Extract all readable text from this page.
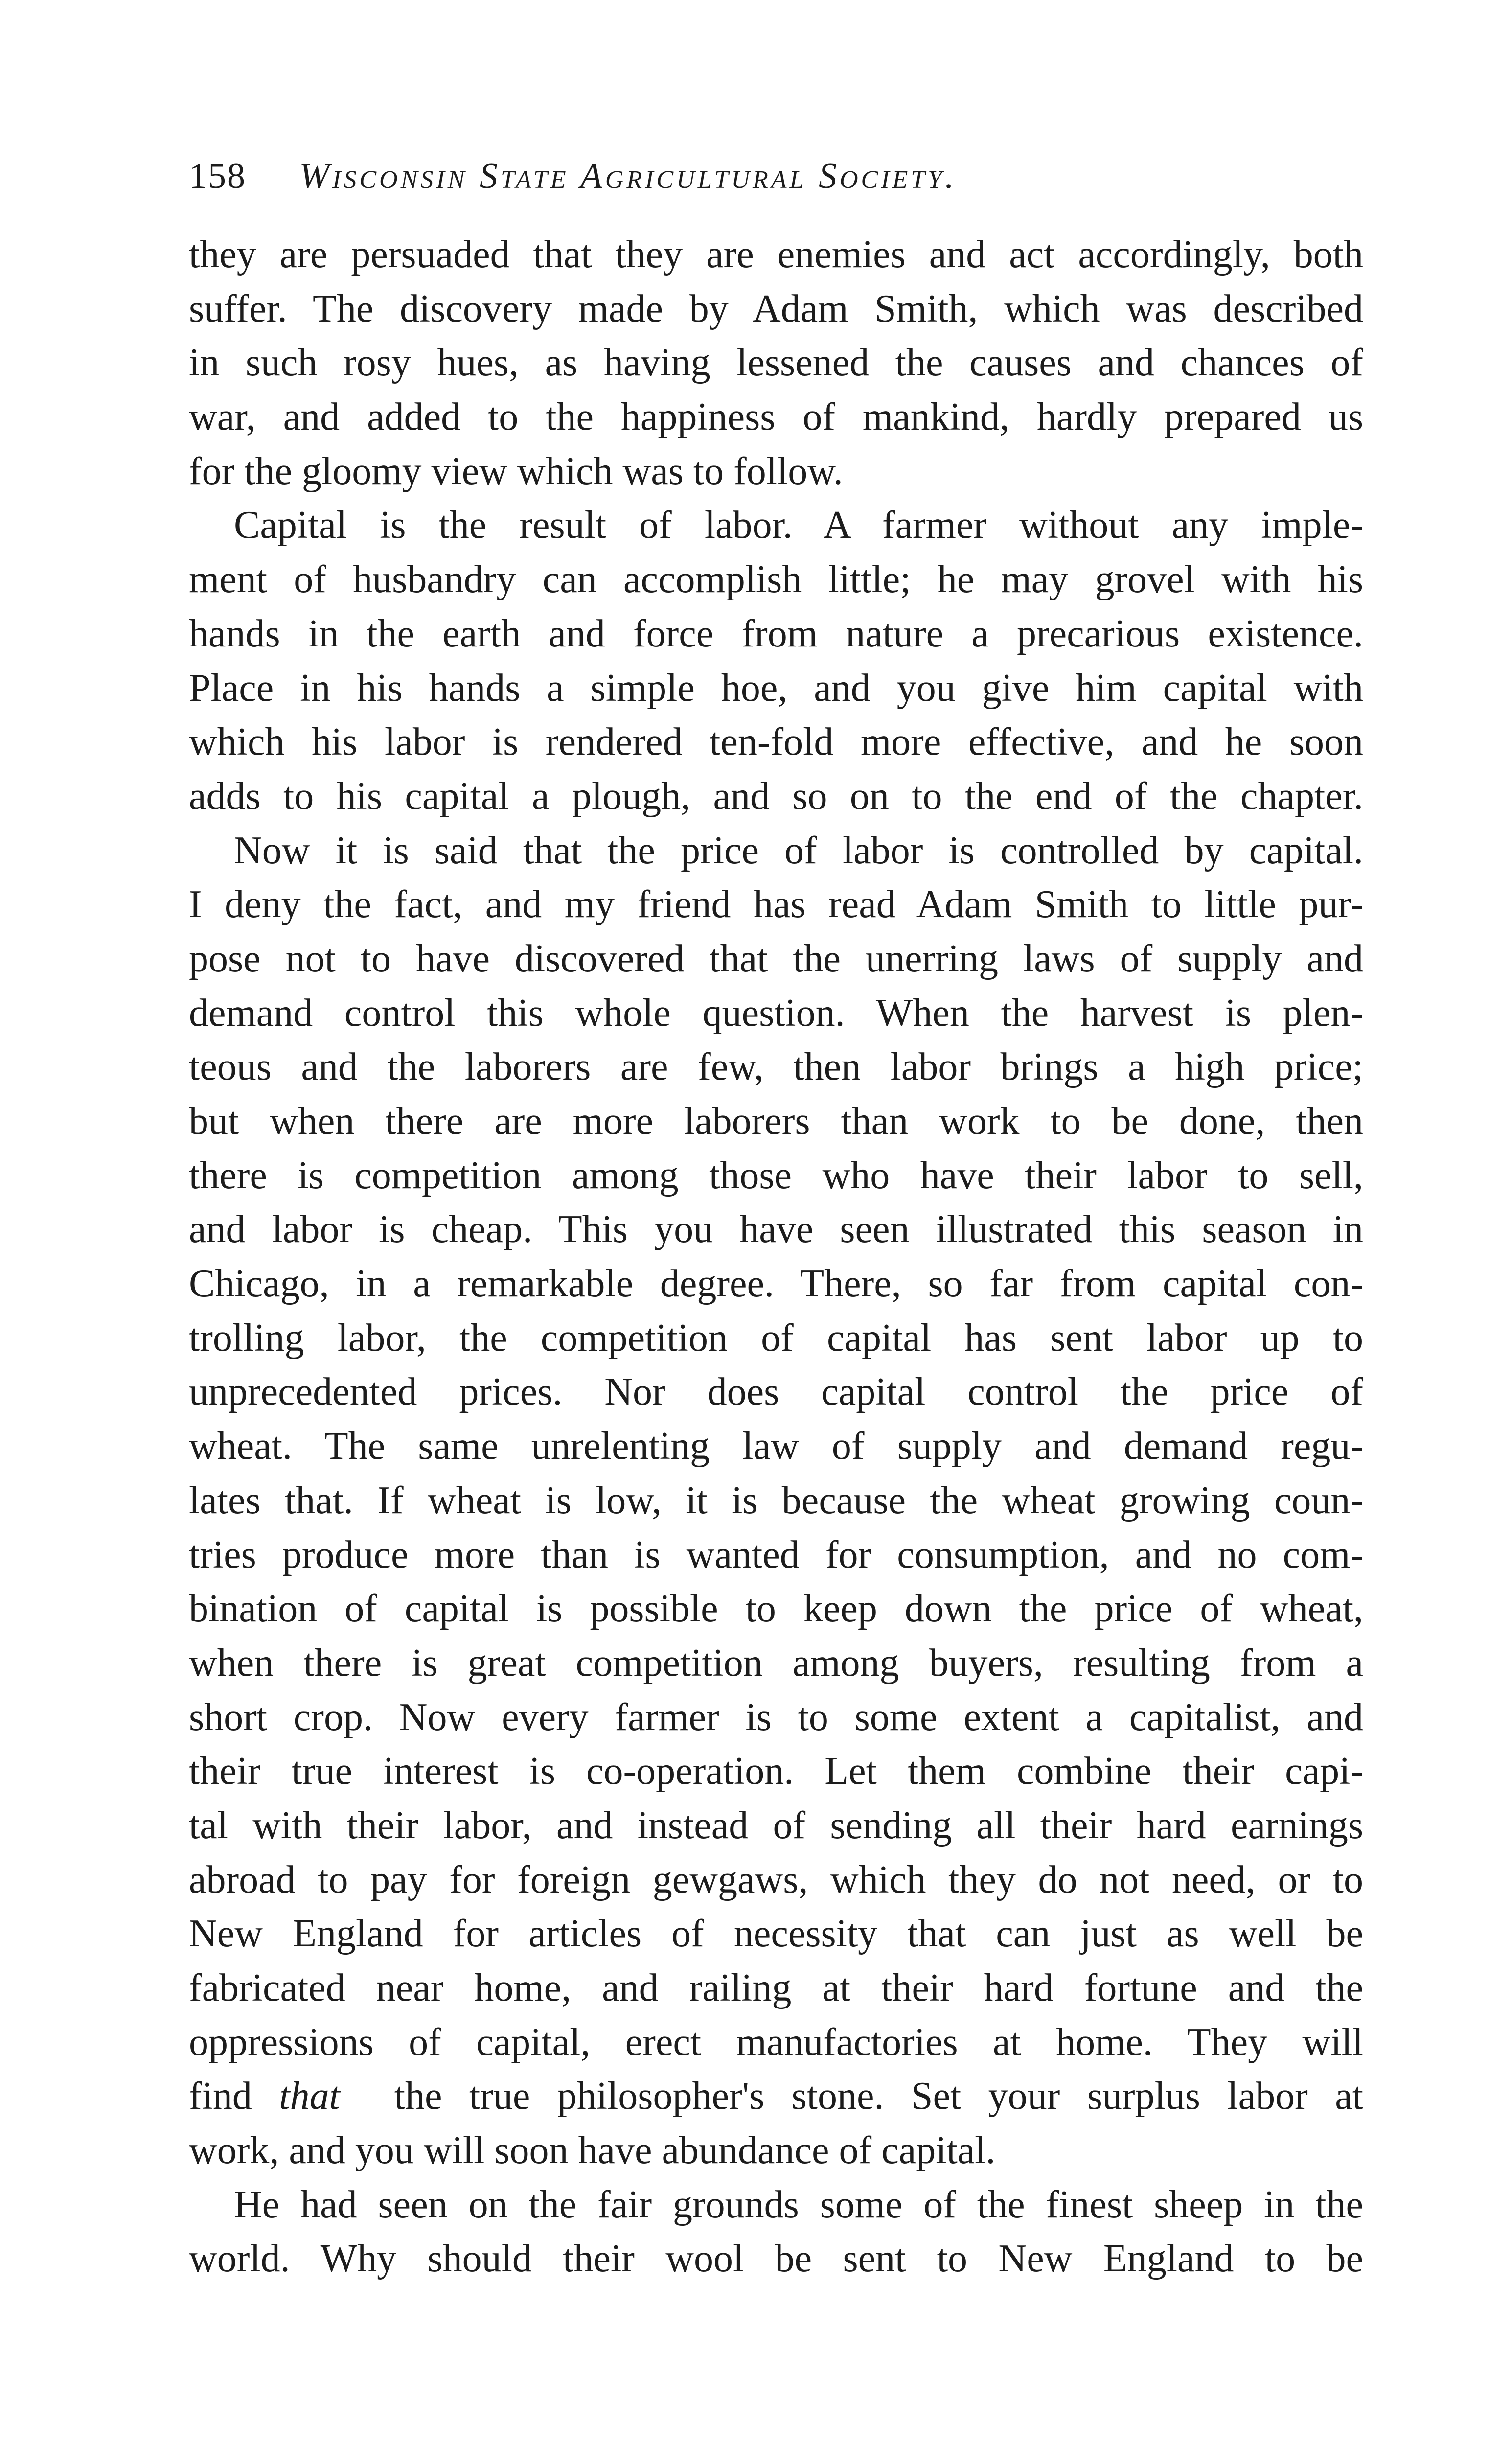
158 Wisconsin State Agricultural Society.
they are persuaded that they are enemies and act accordingly, both
suffer. The discovery made by Adam Smith, which was described
in such rosy hues, as having lessened the causes and chances of
war, and added to the happiness of mankind, hardly prepared us
for the gloomy view which was to follow.
Capital is the result of labor. A farmer without any imple-
ment of husbandry can accomplish little; he may grovel with his
hands in the earth and force from nature a precarious existence.
Place in his hands a simple hoe, and you give him capital with
which his labor is rendered ten-fold more effective, and he soon
adds to his capital a plough, and so on to the end of the chapter.
Now it is said that the price of labor is controlled by capital.
I deny the fact, and my friend has read Adam Smith to little pur-
pose not to have discovered that the unerring laws of supply and
demand control this whole question. When the harvest is plen-
teous and the laborers are few, then labor brings a high price;
but when there are more laborers than work to be done, then
there is competition among those who have their labor to sell,
and labor is cheap. This you have seen illustrated this season in
Chicago, in a remarkable degree. There, so far from capital con-
trolling labor, the competition of capital has sent labor up to
unprecedented prices. Nor does capital control the price of
wheat. The same unrelenting law of supply and demand regu-
lates that. If wheat is low, it is because the wheat growing coun-
tries produce more than is wanted for consumption, and no com-
bination of capital is possible to keep down the price of wheat,
when there is great competition among buyers, resulting from a
short crop. Now every farmer is to some extent a capitalist, and
their true interest is co-operation. Let them combine their capi-
tal with their labor, and instead of sending all their hard earnings
abroad to pay for foreign gewgaws, which they do not need, or to
New England for articles of necessity that can just as well be
fabricated near home, and railing at their hard fortune and the
oppressions of capital, erect manufactories at home. They will
find that the true philosopher's stone. Set your surplus labor at
work, and you will soon have abundance of capital.
He had seen on the fair grounds some of the finest sheep in the
world. Why should their wool be sent to New England to be
